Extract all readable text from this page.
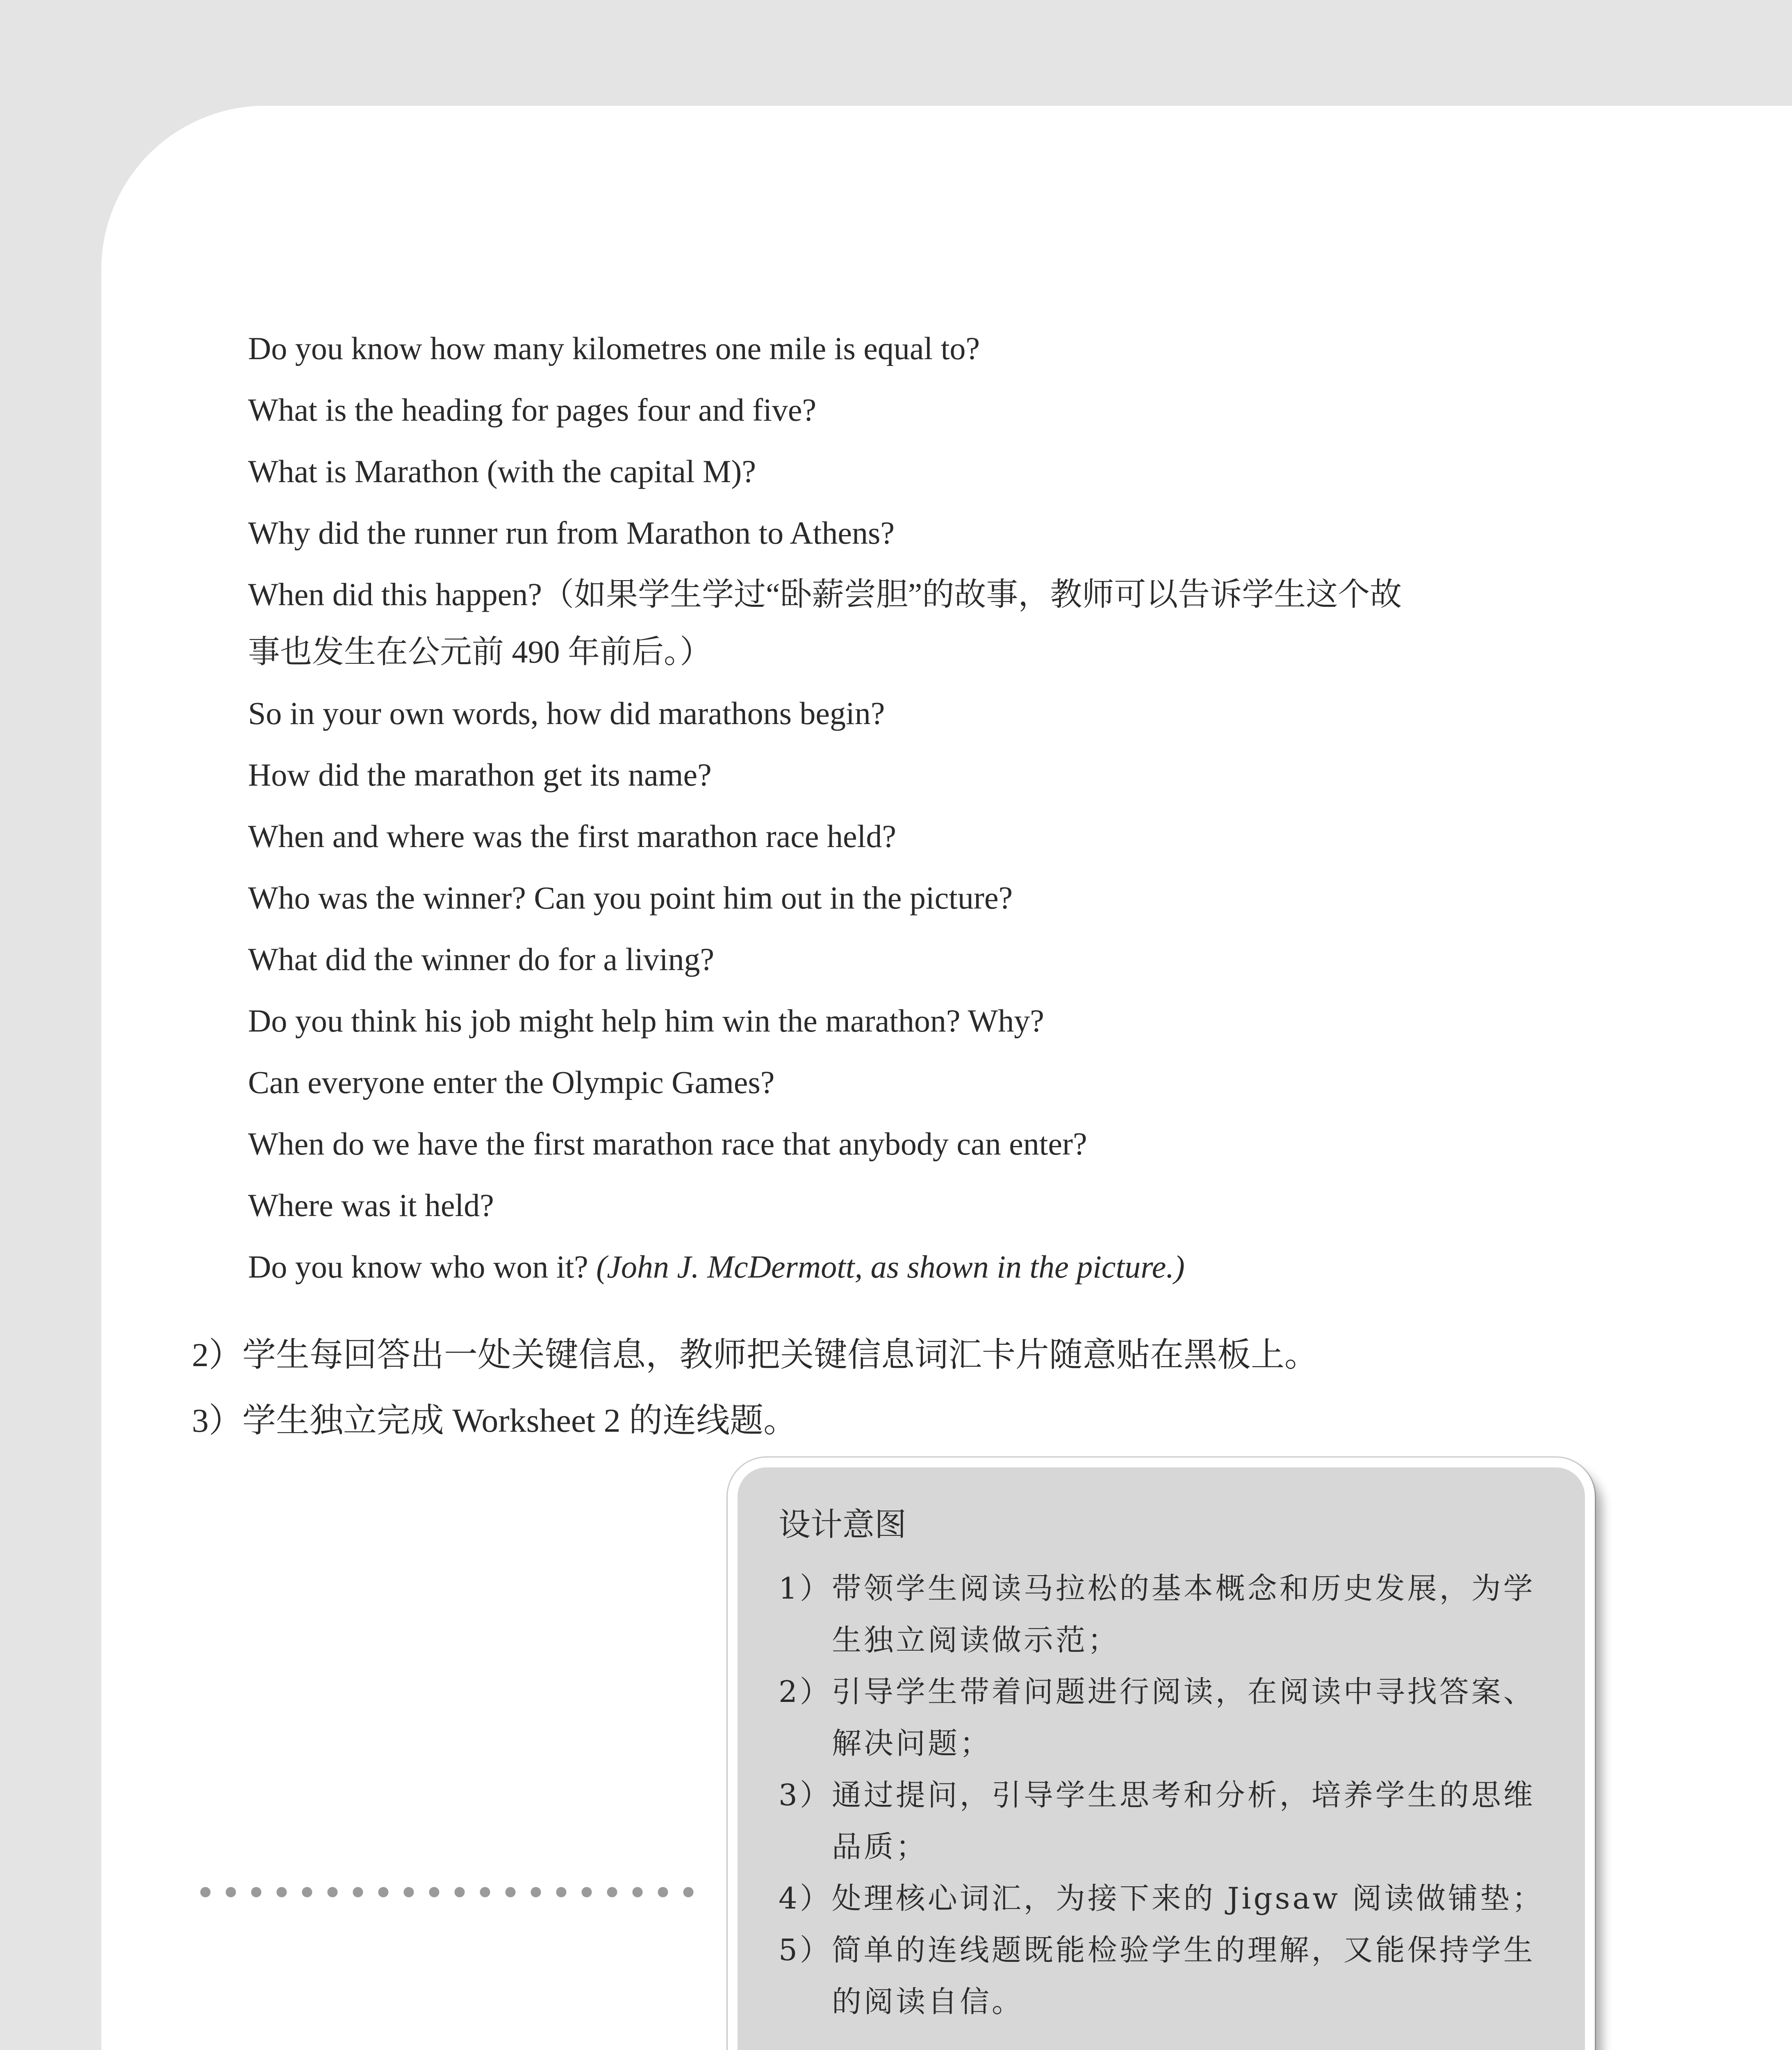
Do you know how many kilometres one mile is equal to?
What is the heading for pages four and five?
What is Marathon (with the capital M)?
Why did the runner run from Marathon to Athens?
When did this happen?（如果学生学过“卧薪尝胆”的故事，教师可以告诉学生这个故
事也发生在公元前 490 年前后。）
So in your own words, how did marathons begin?
How did the marathon get its name?
When and where was the first marathon race held?
Who was the winner? Can you point him out in the picture?
What did the winner do for a living?
Do you think his job might help him win the marathon? Why?
Can everyone enter the Olympic Games?
When do we have the first marathon race that anybody can enter?
Where was it held?
Do you know who won it? (John J. McDermott, as shown in the picture.)
2）学生每回答出一处关键信息，教师把关键信息词汇卡片随意贴在黑板上。
3）学生独立完成 Worksheet 2 的连线题。
设计意图
1）带领学生阅读马拉松的基本概念和历史发展，为学生独立阅读做示范；
2）引导学生带着问题进行阅读，在阅读中寻找答案、解决问题；
3）通过提问，引导学生思考和分析，培养学生的思维品质；
4）处理核心词汇，为接下来的 Jigsaw 阅读做铺垫；
5）简单的连线题既能检验学生的理解，又能保持学生的阅读自信。
